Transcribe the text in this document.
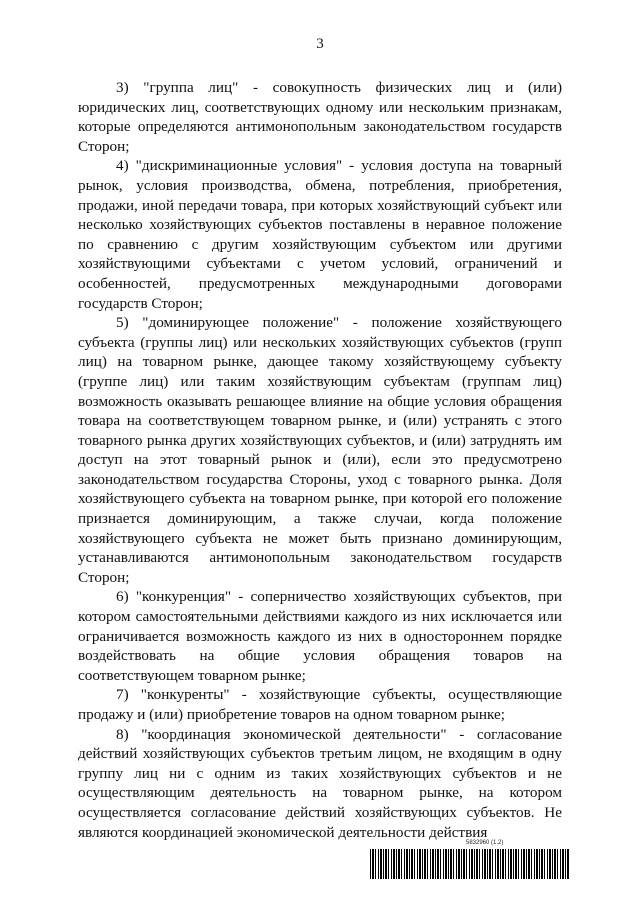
3

3) "группа лиц" - совокупность физических лиц и (или) юридических лиц, соответствующих одному или нескольким признакам, которые определяются антимонопольным законодательством государств Сторон;

4) "дискриминационные условия" - условия доступа на товарный рынок, условия производства, обмена, потребления, приобретения, продажи, иной передачи товара, при которых хозяйствующий субъект или несколько хозяйствующих субъектов поставлены в неравное положение по сравнению с другим хозяйствующим субъектом или другими хозяйствующими субъектами с учетом условий, ограничений и особенностей, предусмотренных международными договорами государств Сторон;

5) "доминирующее положение" - положение хозяйствующего субъекта (группы лиц) или нескольких хозяйствующих субъектов (групп лиц) на товарном рынке, дающее такому хозяйствующему субъекту (группе лиц) или таким хозяйствующим субъектам (группам лиц) возможность оказывать решающее влияние на общие условия обращения товара на соответствующем товарном рынке, и (или) устранять с этого товарного рынка других хозяйствующих субъектов, и (или) затруднять им доступ на этот товарный рынок и (или), если это предусмотрено законодательством государства Стороны, уход с товарного рынка. Доля хозяйствующего субъекта на товарном рынке, при которой его положение признается доминирующим, а также случаи, когда положение хозяйствующего субъекта не может быть признано доминирующим, устанавливаются антимонопольным законодательством государств Сторон;

6) "конкуренция" - соперничество хозяйствующих субъектов, при котором самостоятельными действиями каждого из них исключается или ограничивается возможность каждого из них в одностороннем порядке воздействовать на общие условия обращения товаров на соответствующем товарном рынке;

7) "конкуренты" - хозяйствующие субъекты, осуществляющие продажу и (или) приобретение товаров на одном товарном рынке;

8) "координация экономической деятельности" - согласование действий хозяйствующих субъектов третьим лицом, не входящим в одну группу лиц ни с одним из таких хозяйствующих субъектов и не осуществляющим деятельность на товарном рынке, на котором осуществляется согласование действий хозяйствующих субъектов. Не являются координацией экономической деятельности действия

5832960 (1.2)
